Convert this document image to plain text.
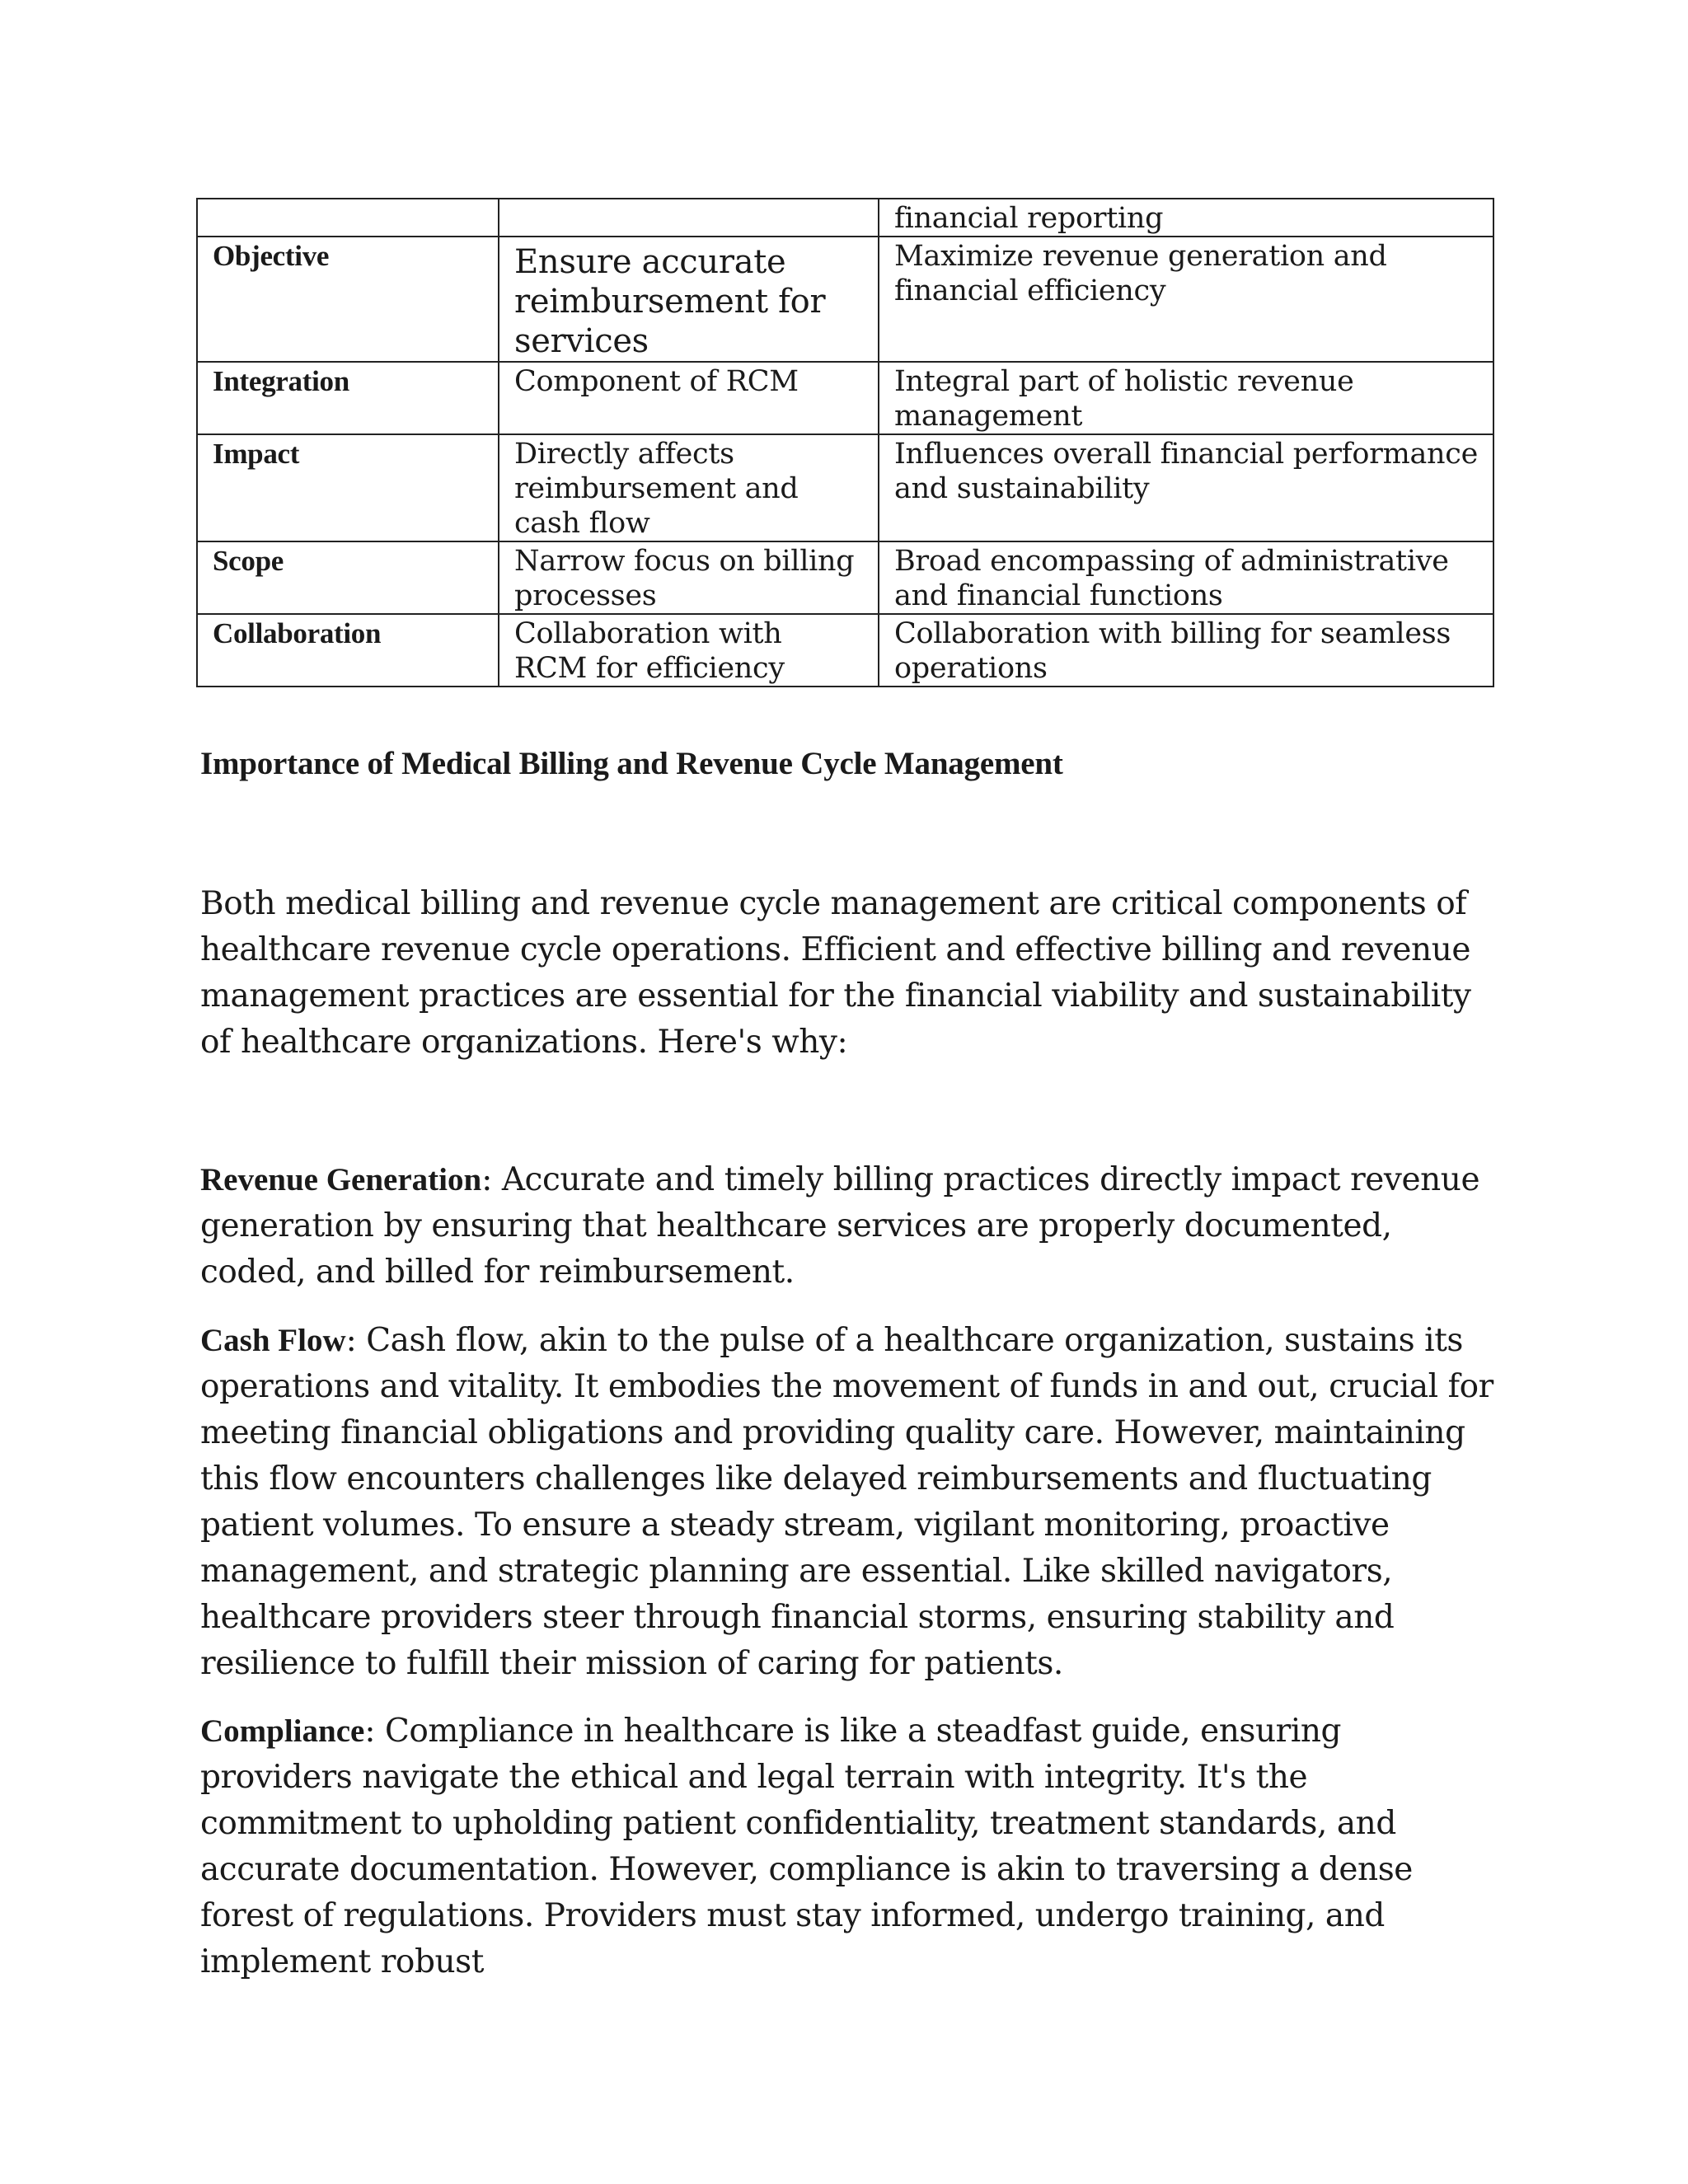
		financial reporting
Objective	Ensure accurate reimbursement for services	Maximize revenue generation and financial efficiency
Integration	Component of RCM	Integral part of holistic revenue management
Impact	Directly affects reimbursement and cash flow	Influences overall financial performance and sustainability
Scope	Narrow focus on billing processes	Broad encompassing of administrative and financial functions
Collaboration	Collaboration with RCM for efficiency	Collaboration with billing for seamless operations
Importance of Medical Billing and Revenue Cycle Management

Both medical billing and revenue cycle management are critical components of healthcare revenue cycle operations. Efficient and effective billing and revenue management practices are essential for the financial viability and sustainability of healthcare organizations. Here's why:

Revenue Generation: Accurate and timely billing practices directly impact revenue generation by ensuring that healthcare services are properly documented, coded, and billed for reimbursement.

Cash Flow: Cash flow, akin to the pulse of a healthcare organization, sustains its operations and vitality. It embodies the movement of funds in and out, crucial for meeting financial obligations and providing quality care. However, maintaining this flow encounters challenges like delayed reimbursements and fluctuating patient volumes. To ensure a steady stream, vigilant monitoring, proactive management, and strategic planning are essential. Like skilled navigators, healthcare providers steer through financial storms, ensuring stability and resilience to fulfill their mission of caring for patients.

Compliance: Compliance in healthcare is like a steadfast guide, ensuring providers navigate the ethical and legal terrain with integrity. It's the commitment to upholding patient confidentiality, treatment standards, and accurate documentation. However, compliance is akin to traversing a dense forest of regulations. Providers must stay informed, undergo training, and implement robust
